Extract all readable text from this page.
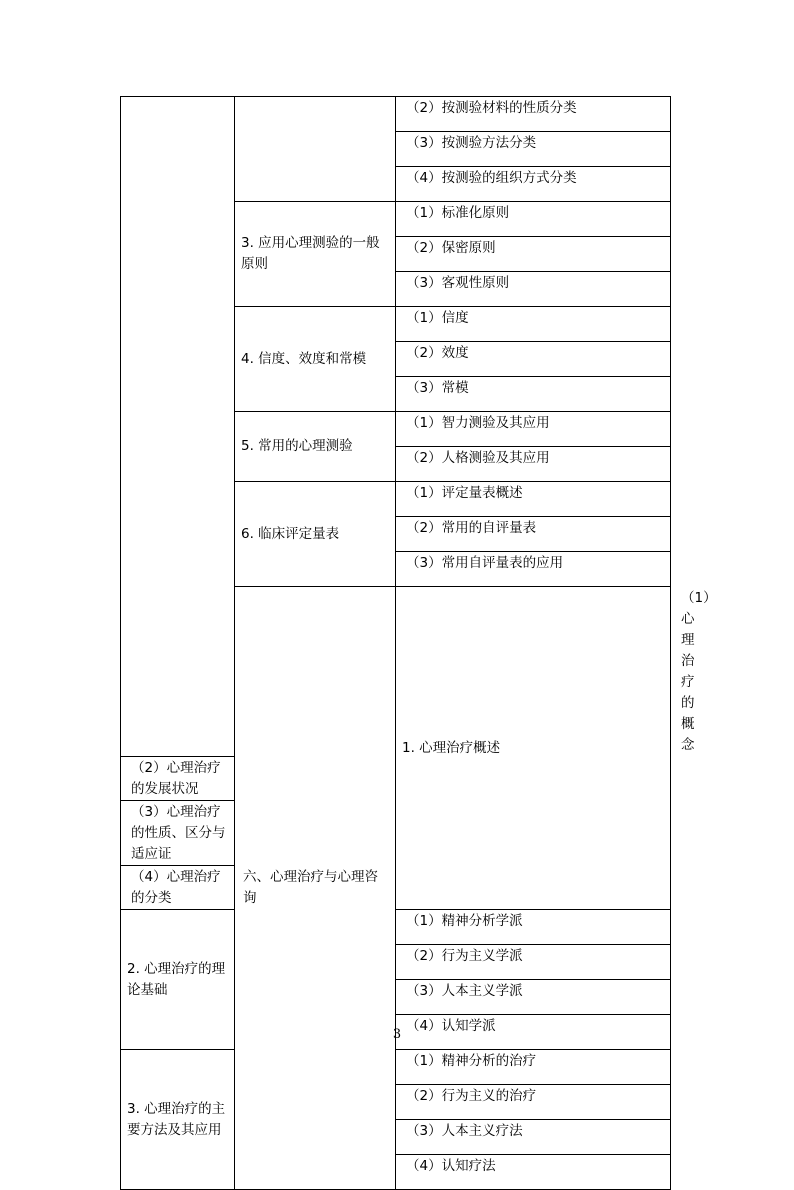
		（2）按测验材料的性质分类	
		（3）按测验方法分类	
		（4）按测验的组织方式分类	
	3. 应用心理测验的一般原则	（1）标准化原则	
		（2）保密原则	
		（3）客观性原则	
	4. 信度、效度和常模	（1）信度	
		（2）效度	
		（3）常模	
	5. 常用的心理测验	（1）智力测验及其应用	
		（2）人格测验及其应用	
	6. 临床评定量表	（1）评定量表概述	
		（2）常用的自评量表	
		（3）常用自评量表的应用	
	六、心理治疗与心理咨询	1. 心理治疗概述	（1）心理治疗的概念
（2）心理治疗的发展状况			
（3）心理治疗的性质、区分与适应证			
（4）心理治疗的分类			
2. 心理治疗的理论基础		（1）精神分析学派	
		（2）行为主义学派	
		（3）人本主义学派	
		（4）认知学派	
3. 心理治疗的主要方法及其应用		（1）精神分析的治疗	
		（2）行为主义的治疗	
		（3）人本主义疗法	
		（4）认知疗法	
3
